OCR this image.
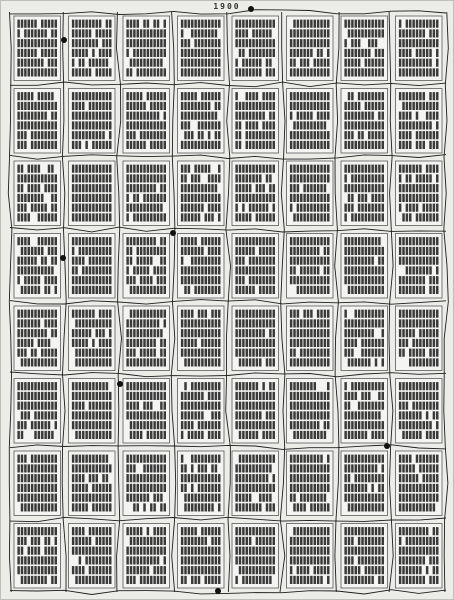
1900
